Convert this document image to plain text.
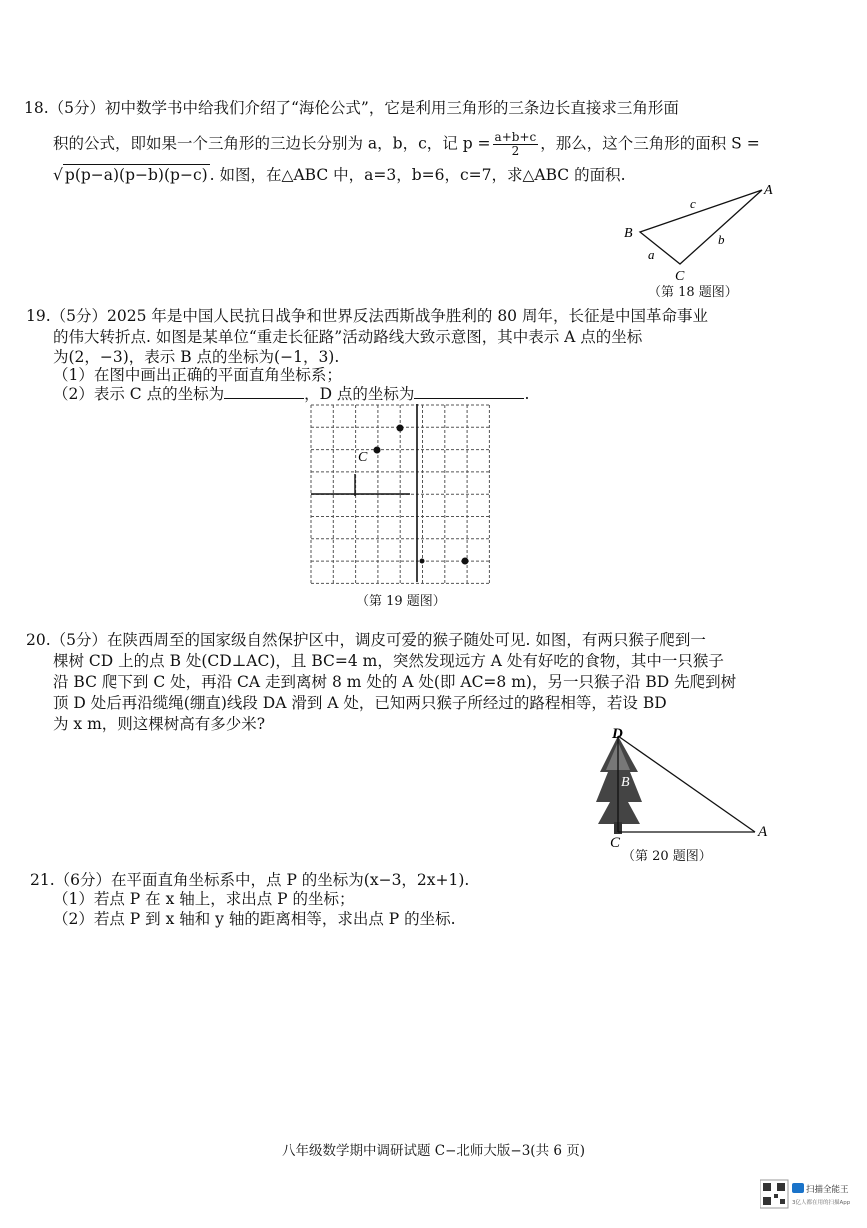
18.（5分）初中数学书中给我们介绍了“海伦公式”，它是利用三角形的三条边长直接求三角形面
积的公式，即如果一个三角形的三边长分别为 a，b，c，记 $p = \frac{a+b+c}{2}$ ，那么，这个三角形的面积 S =
√ p(p−a)(p−b)(p−c) . 如图，在△ABC 中，a=3，b=6，c=7，求△ABC 的面积.
A
B
C
c
b
a
（第 18 题图）
19.（5分）2025 年是中国人民抗日战争和世界反法西斯战争胜利的 80 周年，长征是中国革命事业
的伟大转折点. 如图是某单位“重走长征路”活动路线大致示意图，其中表示 A 点的坐标
为(2，−3)，表示 B 点的坐标为(−1，3).
（1）在图中画出正确的平面直角坐标系；
（2）表示 C 点的坐标为	，D 点的坐标为	.
C
（第 19 题图）
20.（5分）在陕西周至的国家级自然保护区中，调皮可爱的猴子随处可见. 如图，有两只猴子爬到一
棵树 CD 上的点 B 处(CD⊥AC)，且 BC=4 m，突然发现远方 A 处有好吃的食物，其中一只猴子
沿 BC 爬下到 C 处，再沿 CA 走到离树 8 m 处的 A 处(即 AC=8 m)，另一只猴子沿 BD 先爬到树
顶 D 处后再沿缆绳(绷直)线段 DA 滑到 A 处，已知两只猴子所经过的路程相等，若设 BD
为 x m，则这棵树高有多少米?
D
B
C
A
（第 20 题图）
21.（6分）在平面直角坐标系中，点 P 的坐标为(x−3，2x+1).
（1）若点 P 在 x 轴上，求出点 P 的坐标；
（2）若点 P 到 x 轴和 y 轴的距离相等，求出点 P 的坐标.
八年级数学期中调研试题 C−北师大版−3(共 6 页)
扫描全能王
3亿人都在用的扫描App
